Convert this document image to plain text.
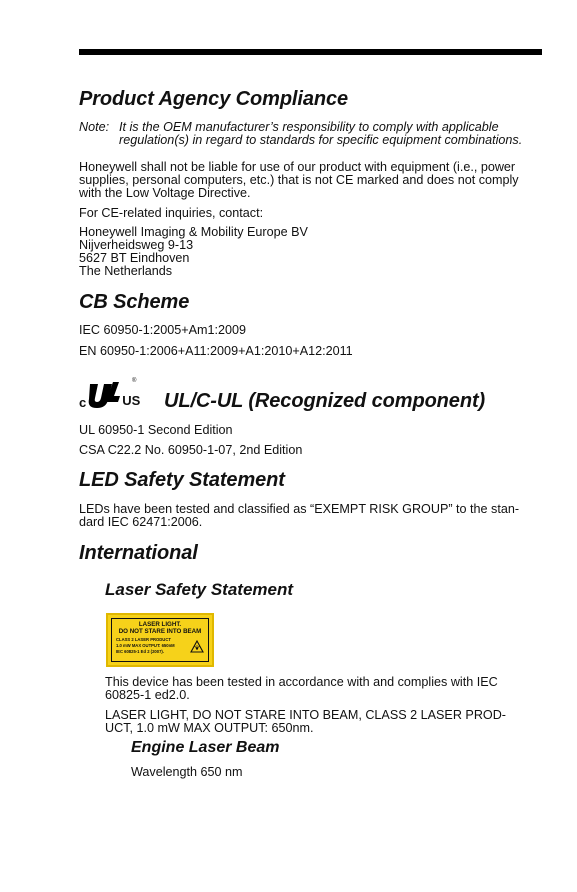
Product Agency Compliance
Note: It is the OEM manufacturer’s responsibility to comply with applicable
regulation(s) in regard to standards for specific equipment combinations.

Honeywell shall not be liable for use of our product with equipment (i.e., power

supplies, personal computers, etc.) that is not CE marked and does not comply

with the Low Voltage Directive.

For CE-related inquiries, contact:

Honeywell Imaging & Mobility Europe BV

Nijverheidsweg 9-13

5627 BT Eindhoven

The Netherlands

CB Scheme

IEC 60950-1:2005+Am1:2009

EN 60950-1:2006+A11:2009+A1:2010+A12:2011

c	US
®
UL/C-UL (Recognized component)

UL 60950-1 Second Edition

CSA C22.2 No. 60950-1-07, 2nd Edition

LED Safety Statement

LEDs have been tested and classified as “EXEMPT RISK GROUP” to the stan-

dard IEC 62471:2006.

International
Laser Safety Statement
LASER LIGHT.
DO NOT STARE INTO BEAM
CLASS 2 LASER PRODUCT
1.0 mW MAX OUTPUT: 650nM
IEC 60825-1 Ed 2 (2007).

This device has been tested in accordance with and complies with IEC

60825-1 ed2.0.

LASER LIGHT, DO NOT STARE INTO BEAM, CLASS 2 LASER PROD-

UCT, 1.0 mW MAX OUTPUT: 650nm.

Engine Laser Beam

Wavelength 650 nm
